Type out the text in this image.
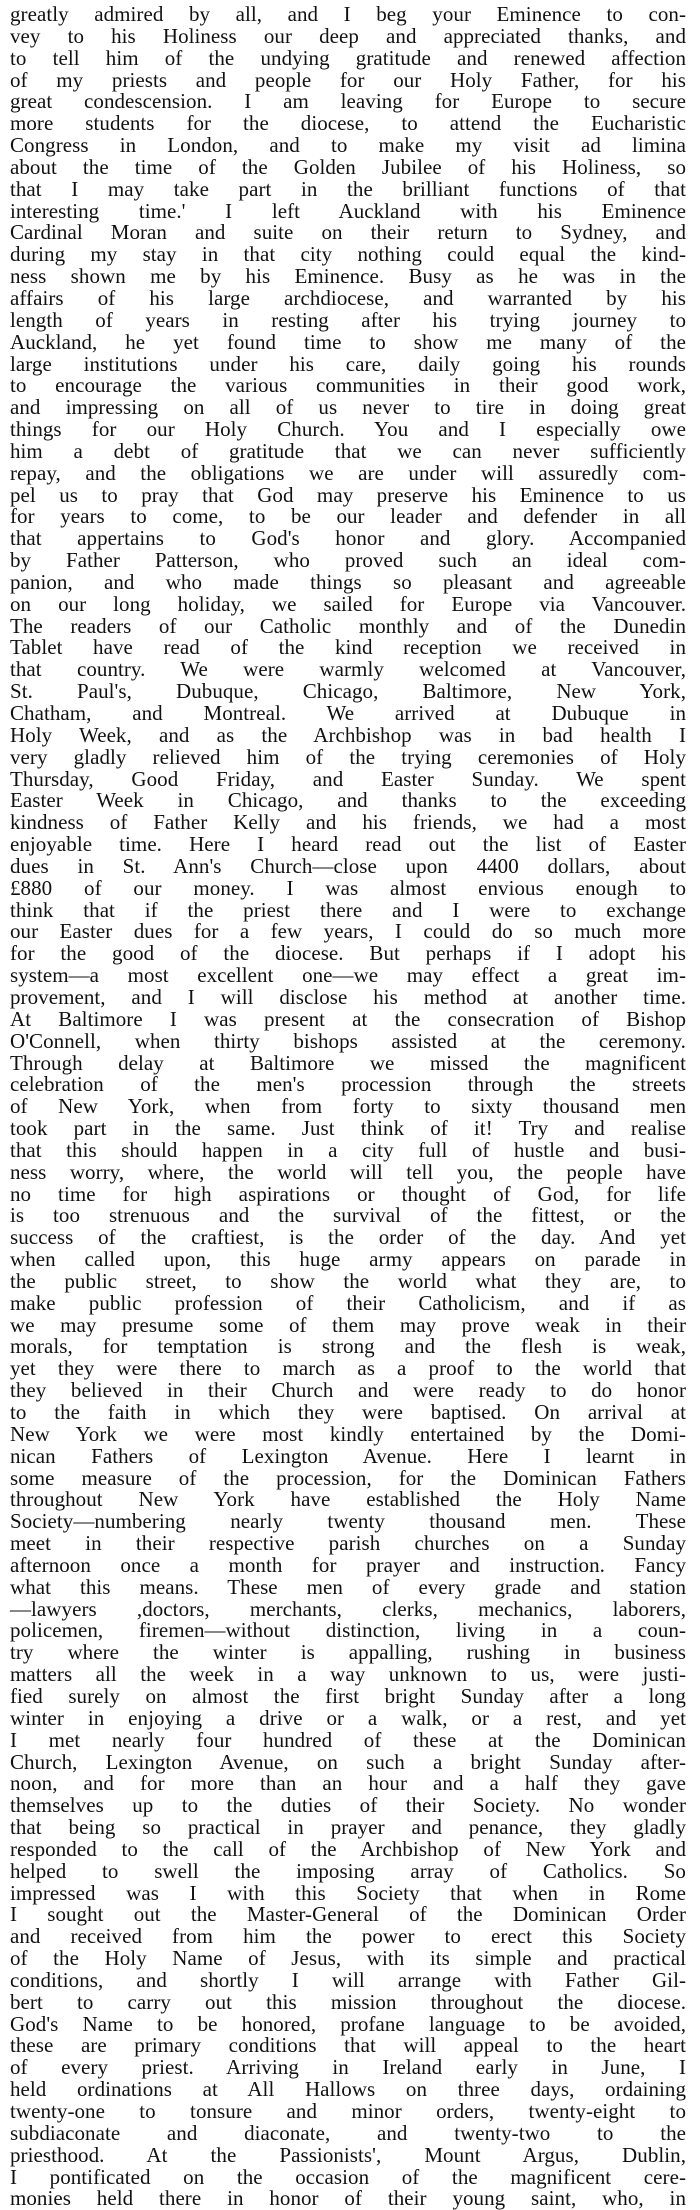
greatly admired by all, and I beg your Eminence to con-
vey to his Holiness our deep and appreciated thanks, and
to tell him of the undying gratitude and renewed affection
of my priests and people for our Holy Father, for his
great condescension. I am leaving for Europe to secure
more students for the diocese, to attend the Eucharistic
Congress in London, and to make my visit ad limina
about the time of the Golden Jubilee of his Holiness, so
that I may take part in the brilliant functions of that
interesting time.' I left Auckland with his Eminence
Cardinal Moran and suite on their return to Sydney, and
during my stay in that city nothing could equal the kind-
ness shown me by his Eminence. Busy as he was in the
affairs of his large archdiocese, and warranted by his
length of years in resting after his trying journey to
Auckland, he yet found time to show me many of the
large institutions under his care, daily going his rounds
to encourage the various communities in their good work,
and impressing on all of us never to tire in doing great
things for our Holy Church. You and I especially owe
him a debt of gratitude that we can never sufficiently
repay, and the obligations we are under will assuredly com-
pel us to pray that God may preserve his Eminence to us
for years to come, to be our leader and defender in all
that appertains to God's honor and glory. Accompanied
by Father Patterson, who proved such an ideal com-
panion, and who made things so pleasant and agreeable
on our long holiday, we sailed for Europe via Vancouver.
The readers of our Catholic monthly and of the Dunedin
Tablet have read of the kind reception we received in
that country. We were warmly welcomed at Vancouver,
St. Paul's, Dubuque, Chicago, Baltimore, New York,
Chatham, and Montreal. We arrived at Dubuque in
Holy Week, and as the Archbishop was in bad health I
very gladly relieved him of the trying ceremonies of Holy
Thursday, Good Friday, and Easter Sunday. We spent
Easter Week in Chicago, and thanks to the exceeding
kindness of Father Kelly and his friends, we had a most
enjoyable time. Here I heard read out the list of Easter
dues in St. Ann's Church—close upon 4400 dollars, about
£880 of our money. I was almost envious enough to
think that if the priest there and I were to exchange
our Easter dues for a few years, I could do so much more
for the good of the diocese. But perhaps if I adopt his
system—a most excellent one—we may effect a great im-
provement, and I will disclose his method at another time.
At Baltimore I was present at the consecration of Bishop
O'Connell, when thirty bishops assisted at the ceremony.
Through delay at Baltimore we missed the magnificent
celebration of the men's procession through the streets
of New York, when from forty to sixty thousand men
took part in the same. Just think of it! Try and realise
that this should happen in a city full of hustle and busi-
ness worry, where, the world will tell you, the people have
no time for high aspirations or thought of God, for life
is too strenuous and the survival of the fittest, or the
success of the craftiest, is the order of the day. And yet
when called upon, this huge army appears on parade in
the public street, to show the world what they are, to
make public profession of their Catholicism, and if as
we may presume some of them may prove weak in their
morals, for temptation is strong and the flesh is weak,
yet they were there to march as a proof to the world that
they believed in their Church and were ready to do honor
to the faith in which they were baptised. On arrival at
New York we were most kindly entertained by the Domi-
nican Fathers of Lexington Avenue. Here I learnt in
some measure of the procession, for the Dominican Fathers
throughout New York have established the Holy Name
Society—numbering nearly twenty thousand men. These
meet in their respective parish churches on a Sunday
afternoon once a month for prayer and instruction. Fancy
what this means. These men of every grade and station
—lawyers ,doctors, merchants, clerks, mechanics, laborers,
policemen, firemen—without distinction, living in a coun-
try where the winter is appalling, rushing in business
matters all the week in a way unknown to us, were justi-
fied surely on almost the first bright Sunday after a long
winter in enjoying a drive or a walk, or a rest, and yet
I met nearly four hundred of these at the Dominican
Church, Lexington Avenue, on such a bright Sunday after-
noon, and for more than an hour and a half they gave
themselves up to the duties of their Society. No wonder
that being so practical in prayer and penance, they gladly
responded to the call of the Archbishop of New York and
helped to swell the imposing array of Catholics. So
impressed was I with this Society that when in Rome
I sought out the Master-General of the Dominican Order
and received from him the power to erect this Society
of the Holy Name of Jesus, with its simple and practical
conditions, and shortly I will arrange with Father Gil-
bert to carry out this mission throughout the diocese.
God's Name to be honored, profane language to be avoided,
these are primary conditions that will appeal to the heart
of every priest. Arriving in Ireland early in June, I
held ordinations at All Hallows on three days, ordaining
twenty-one to tonsure and minor orders, twenty-eight to
subdiaconate and diaconate, and twenty-two to the
priesthood. At the Passionists', Mount Argus, Dublin,
I pontificated on the occasion of the magnificent cere-
monies held there in honor of their young saint, who, in
